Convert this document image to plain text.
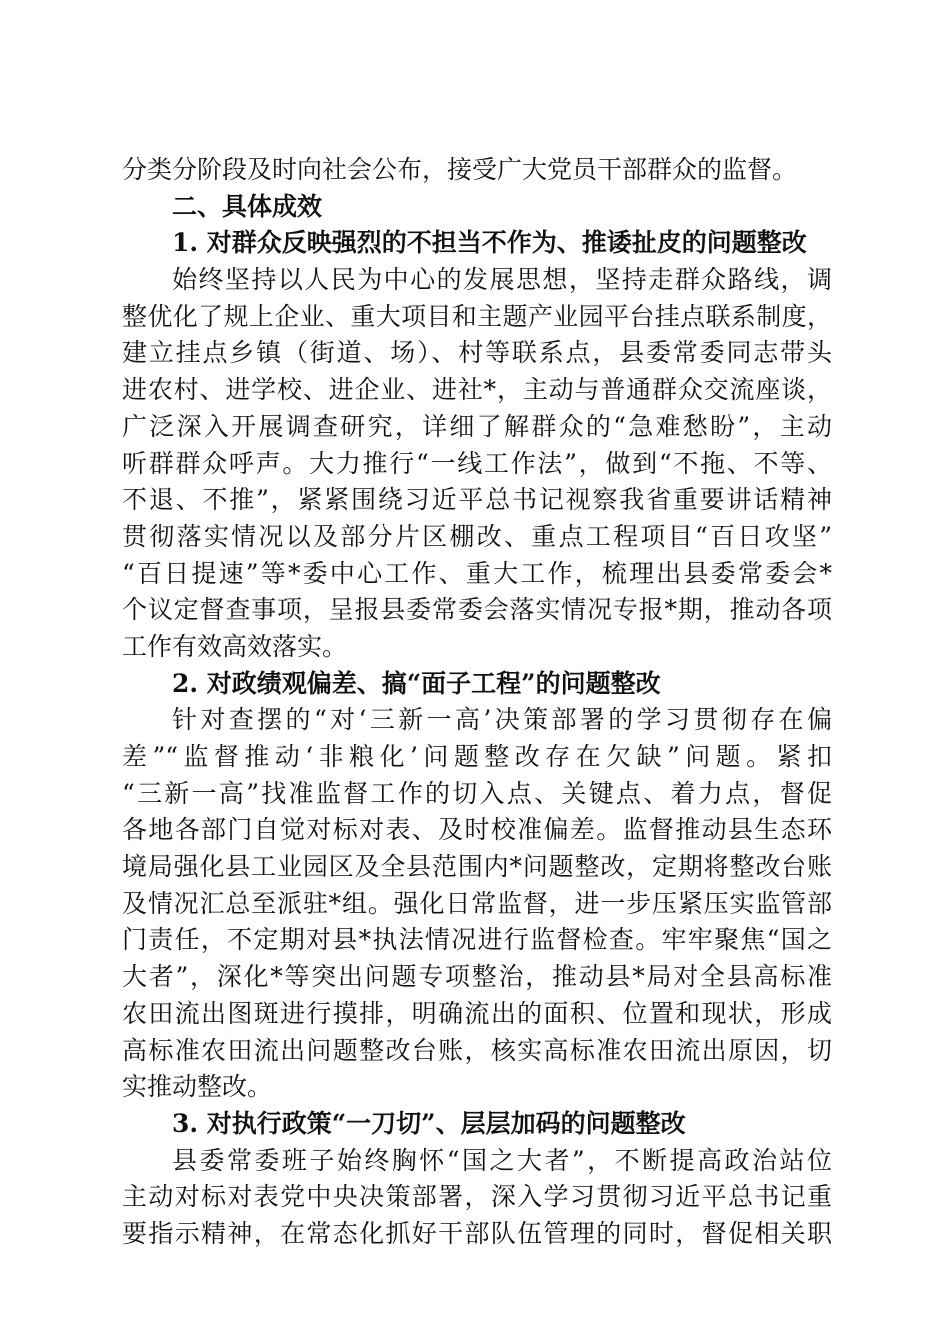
分类分阶段及时向社会公布，接受广大党员干部群众的监督。
二、具体成效
1. 对群众反映强烈的不担当不作为、推诿扯皮的问题整改
始终坚持以人民为中心的发展思想，坚持走群众路线，调
整优化了规上企业、重大项目和主题产业园平台挂点联系制度，
建立挂点乡镇（街道、场）、村等联系点，县委常委同志带头
进农村、进学校、进企业、进社*，主动与普通群众交流座谈，
广泛深入开展调查研究，详细了解群众的“急难愁盼”，主动
听群群众呼声。大力推行“一线工作法”，做到“不拖、不等、
不退、不推”，紧紧围绕习近平总书记视察我省重要讲话精神
贯彻落实情况以及部分片区棚改、重点工程项目“百日攻坚”
“百日提速”等*委中心工作、重大工作，梳理出县委常委会*
个议定督查事项，呈报县委常委会落实情况专报*期，推动各项
工作有效高效落实。
2. 对政绩观偏差、搞“面子工程”的问题整改
针对查摆的“对‘三新一高’决策部署的学习贯彻存在偏
差”“监督推动‘非粮化’问题整改存在欠缺”问题。紧扣
“三新一高”找准监督工作的切入点、关键点、着力点，督促
各地各部门自觉对标对表、及时校准偏差。监督推动县生态环
境局强化县工业园区及全县范围内*问题整改，定期将整改台账
及情况汇总至派驻*组。强化日常监督，进一步压紧压实监管部
门责任，不定期对县*执法情况进行监督检查。牢牢聚焦“国之
大者”，深化*等突出问题专项整治，推动县*局对全县高标准
农田流出图斑进行摸排，明确流出的面积、位置和现状，形成
高标准农田流出问题整改台账，核实高标准农田流出原因，切
实推动整改。
3. 对执行政策“一刀切”、层层加码的问题整改
县委常委班子始终胸怀“国之大者”，不断提高政治站位
主动对标对表党中央决策部署，深入学习贯彻习近平总书记重
要指示精神，在常态化抓好干部队伍管理的同时，督促相关职
